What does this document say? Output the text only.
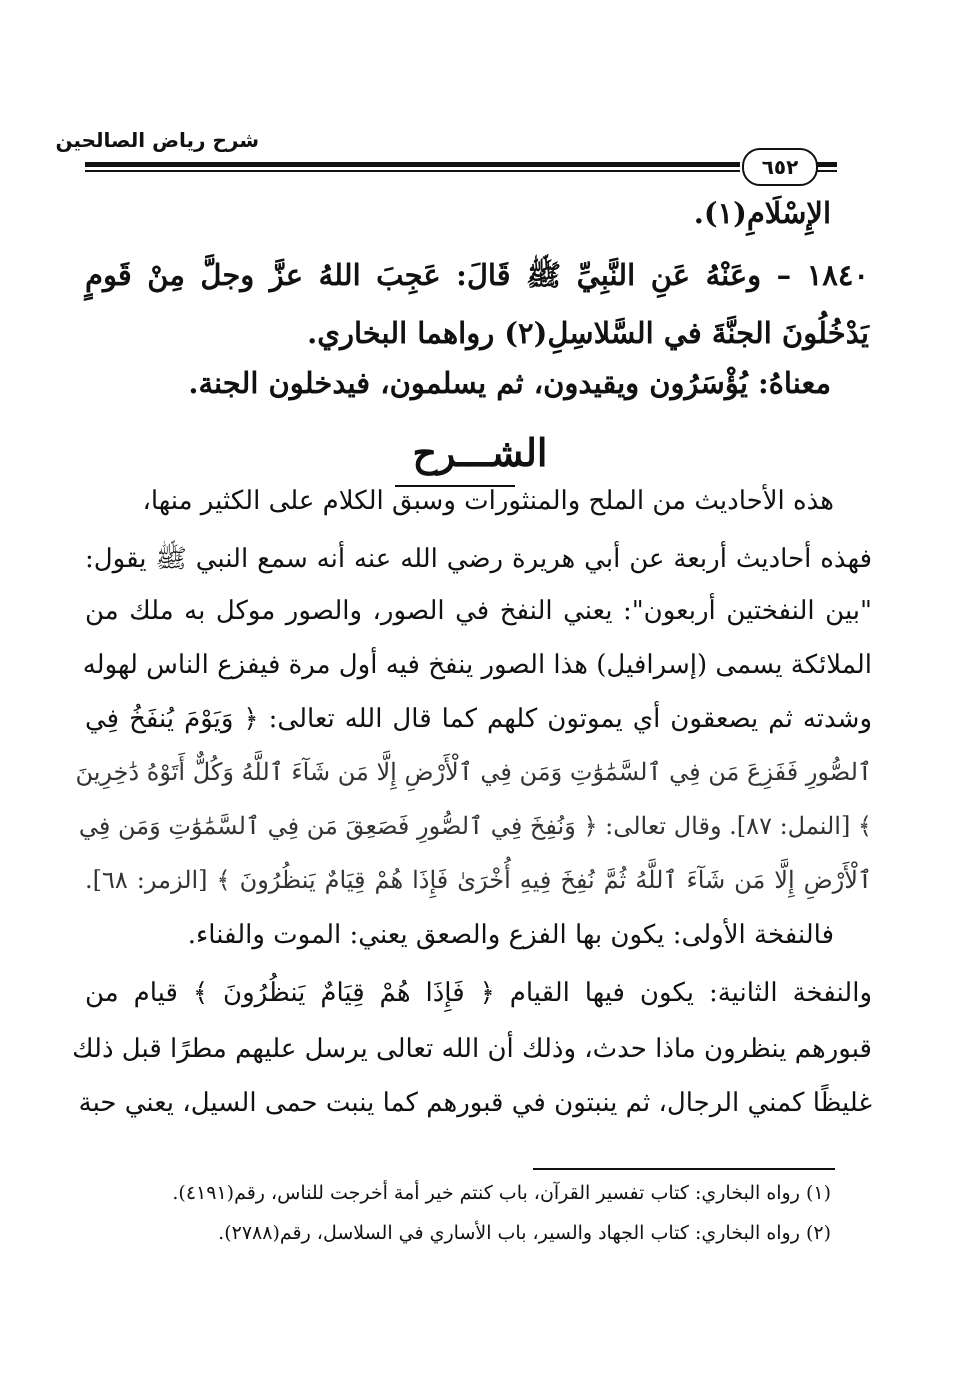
شرح رياض الصالحين
٦٥٢
الإِسْلَامِ(١).
١٨٤٠ – وعَنْهُ عَنِ النَّبِيِّ ﷺ قَالَ: عَجِبَ اللهُ عزَّ وجلَّ مِنْ قَومٍ
يَدْخُلُونَ الجنَّةَ في السَّلاسِلِ(٢) رواهما البخاري.
معناهُ: يُؤْسَرُون ويقيدون، ثم يسلمون، فيدخلون الجنة.
الشـــرح
هذه الأحاديث من الملح والمنثورات وسبق الكلام على الكثير منها،
فهذه أحاديث أربعة عن أبي هريرة رضي الله عنه أنه سمع النبي ﷺ يقول:
"بين النفختين أربعون": يعني النفخ في الصور، والصور موكل به ملك من
الملائكة يسمى (إسرافيل) هذا الصور ينفخ فيه أول مرة فيفزع الناس لهوله
وشدته ثم يصعقون أي يموتون كلهم كما قال الله تعالى: ﴿ وَيَوْمَ يُنفَخُ فِي
ٱلصُّورِ فَفَزِعَ مَن فِي ٱلسَّمَٰوَٰتِ وَمَن فِي ٱلْأَرْضِ إِلَّا مَن شَآءَ ٱللَّهُ وَكُلٌّ أَتَوْهُ دَٰخِرِينَ
﴾ [النمل: ٨٧]. وقال تعالى: ﴿ وَنُفِخَ فِي ٱلصُّورِ فَصَعِقَ مَن فِي ٱلسَّمَٰوَٰتِ وَمَن فِي
ٱلْأَرْضِ إِلَّا مَن شَآءَ ٱللَّهُ ثُمَّ نُفِخَ فِيهِ أُخْرَىٰ فَإِذَا هُمْ قِيَامٌ يَنظُرُونَ ﴾ [الزمر: ٦٨].
فالنفخة الأولى: يكون بها الفزع والصعق يعني: الموت والفناء.
والنفخة الثانية: يكون فيها القيام ﴿ فَإِذَا هُمْ قِيَامٌ يَنظُرُونَ ﴾ قيام من
قبورهم ينظرون ماذا حدث، وذلك أن الله تعالى يرسل عليهم مطرًا قبل ذلك
غليظًا كمني الرجال، ثم ينبتون في قبورهم كما ينبت حمى السيل، يعني حبة
(١) رواه البخاري: كتاب تفسير القرآن، باب كنتم خير أمة أخرجت للناس، رقم(٤١٩١).
(٢) رواه البخاري: كتاب الجهاد والسير، باب الأساري في السلاسل، رقم(٢٧٨٨).
